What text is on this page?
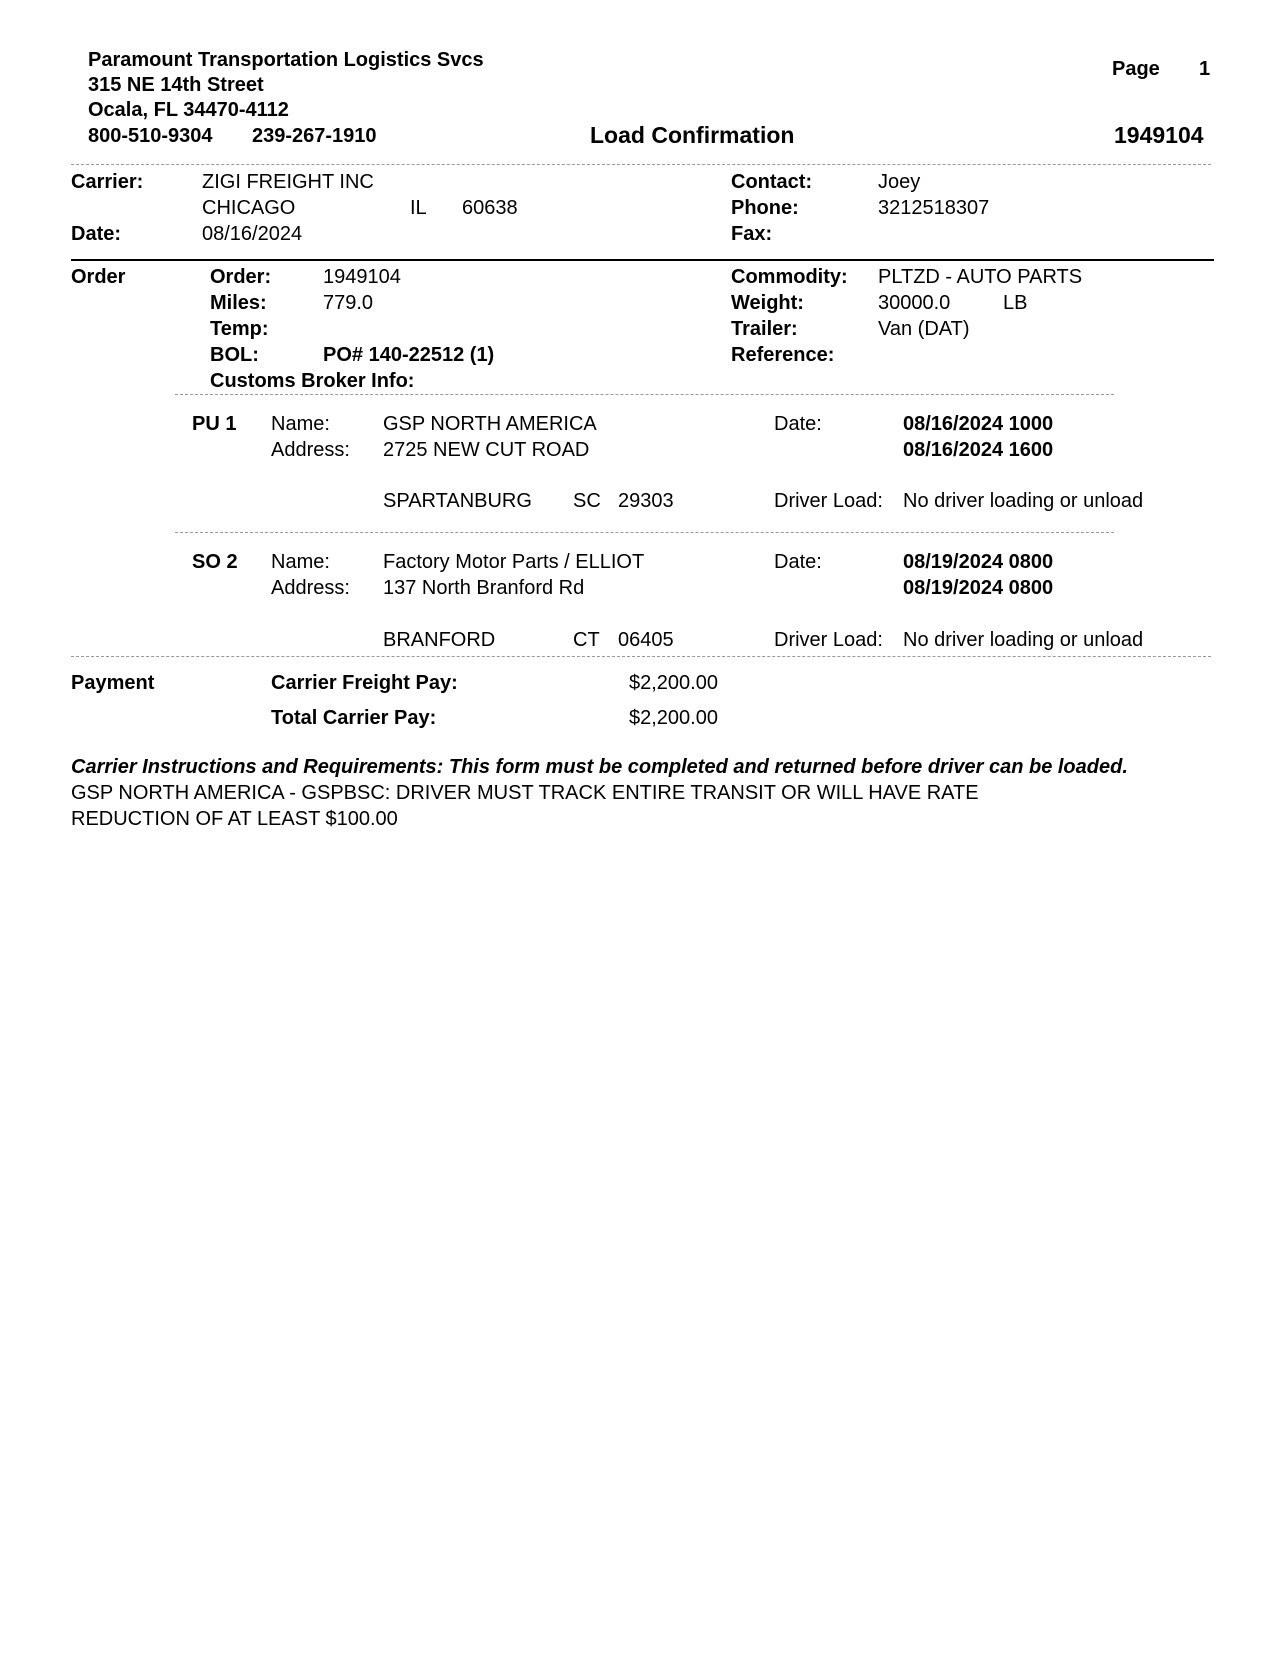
Paramount Transportation Logistics Svcs
315 NE 14th Street
Ocala, FL 34470-4112
800-510-9304 239-267-1910
Page 1
Load Confirmation	1949104
Carrier:	ZIGI FREIGHT INC
CHICAGO	IL 60638
Date:	08/16/2024
Contact:	Joey
Phone:	3212518307
Fax:
Order	Order:	1949104
Miles:	779.0
Temp:
BOL:	PO# 140-22512 (1)
Customs Broker Info:
Commodity: PLTZD - AUTO PARTS
Weight:	30000.0	LB
Trailer:	Van (DAT)
Reference:
PU 1 Name:	GSP NORTH AMERICA
Address: 2725 NEW CUT ROAD
SPARTANBURG SC 29303
Date:	08/16/2024 1000
08/16/2024 1600
Driver Load: No driver loading or unload
SO 2 Name:	Factory Motor Parts / ELLIOT
Address: 137 North Branford Rd
BRANFORD	CT 06405
Date:	08/19/2024 0800
08/19/2024 0800
Driver Load: No driver loading or unload
Payment	Carrier Freight Pay:	$2,200.00
Total Carrier Pay:	$2,200.00
Carrier Instructions and Requirements: This form must be completed and returned before driver can be loaded.
GSP NORTH AMERICA - GSPBSC: DRIVER MUST TRACK ENTIRE TRANSIT OR WILL HAVE RATE
REDUCTION OF AT LEAST $100.00
